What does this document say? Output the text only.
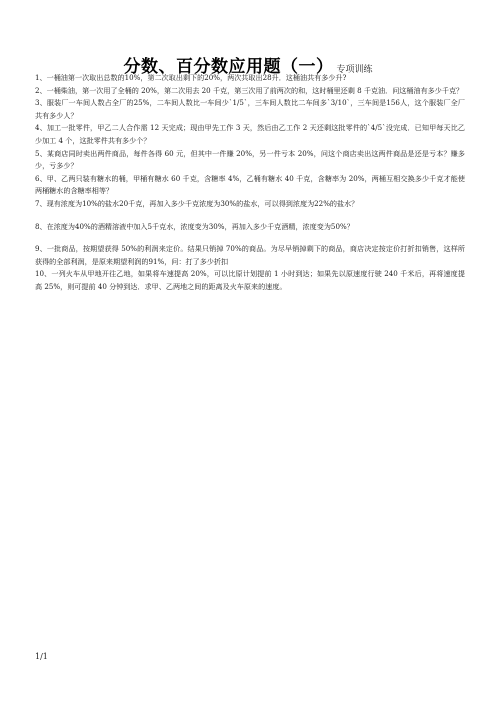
分数、百分数应用题（一） 专项训练

1、一桶油第一次取出总数的10%，第二次取出剩下的20%，两次共取出28升．这桶油共有多少升?

2、一桶柴油，第一次用了全桶的 20%，第二次用去 20 千克，第三次用了前两次的和，这时桶里还剩 8 千克油．问这桶油有多少千克？

3、服装厂一车间人数占全厂的25%，二车间人数比一车间少`1/5`，三车间人数比二车间多`3/10`，三车间是156人，这个服装厂全厂共有多少人？

4、加工一批零件，甲乙二人合作需 12 天完成；现由甲先工作 3 天，然后由乙工作 2 天还剩这批零件的`4/5`没完成．已知甲每天比乙少加工 4 个，这批零件共有多少个？

5、某商店同时卖出两件商品，每件各得 60 元，但其中一件赚 20%，另一件亏本 20%，问这个商店卖出这两件商品是还是亏本？赚多少，亏多少？

6、甲、乙两只装有糖水的桶，甲桶有糖水 60 千克，含糖率 4%，乙桶有糖水 40 千克，含糖率为 20%，两桶互相交换多少千克才能使两桶糖水的含糖率相等？

7、现有浓度为10%的盐水20千克，再加入多少千克浓度为30%的盐水，可以得到浓度为22%的盐水？

8、在浓度为40%的酒精溶液中加入5千克水，浓度变为30%，再加入多少千克酒精，浓度变为50%？

9、一批商品，按期望获得 50%的利润来定价。结果只销掉 70%的商品。为尽早销掉剩下的商品，商店决定按定价打折扣销售，这样所获得的全部利润，是原来期望利润的91%，问：打了多少折扣

10、一列火车从甲地开往乙地，如果将车速提高 20%，可以比原计划提前 1 小时到达；如果先以原速度行驶 240 千米后，再将速度提高 25%，则可提前 40 分钟到达．求甲、乙两地之间的距离及火车原来的速度。

1/1
